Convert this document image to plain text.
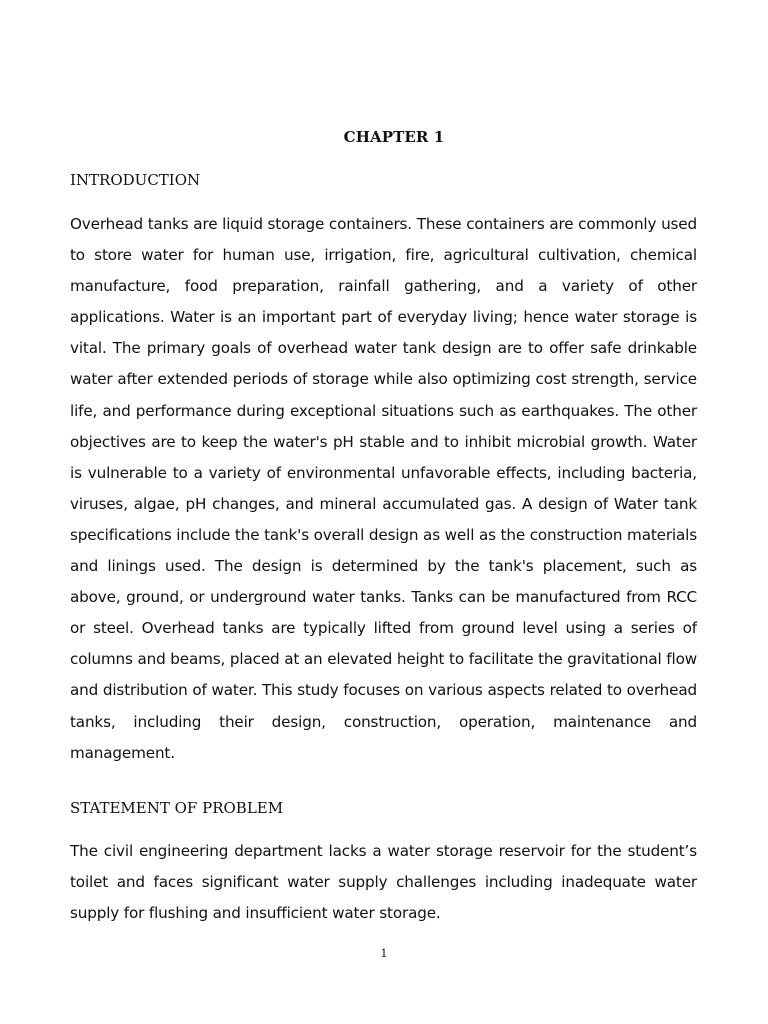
CHAPTER 1
INTRODUCTION

Overhead tanks are liquid storage containers. These containers are commonly used to store water for human use, irrigation, fire, agricultural cultivation, chemical manufacture, food preparation, rainfall gathering, and a variety of other applications. Water is an important part of everyday living; hence water storage is vital. The primary goals of overhead water tank design are to offer safe drinkable water after extended periods of storage while also optimizing cost strength, service life, and performance during exceptional situations such as earthquakes. The other objectives are to keep the water's pH stable and to inhibit microbial growth. Water is vulnerable to a variety of environmental unfavorable effects, including bacteria, viruses, algae, pH changes, and mineral accumulated gas. A design of Water tank specifications include the tank's overall design as well as the construction materials and linings used. The design is determined by the tank's placement, such as above, ground, or underground water tanks. Tanks can be manufactured from RCC or steel. Overhead tanks are typically lifted from ground level using a series of columns and beams, placed at an elevated height to facilitate the gravitational flow and distribution of water. This study focuses on various aspects related to overhead tanks, including their design, construction, operation, maintenance and management.

STATEMENT OF PROBLEM

The civil engineering department lacks a water storage reservoir for the student’s toilet and faces significant water supply challenges including inadequate water supply for flushing and insufficient water storage.

1
